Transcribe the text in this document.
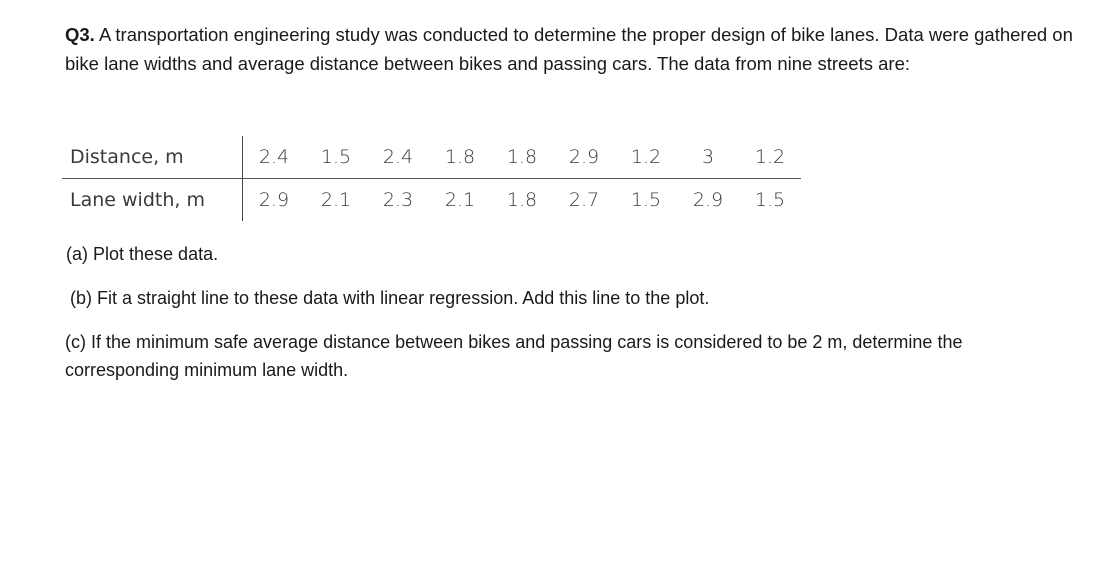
Q3. A transportation engineering study was conducted to determine the proper design of bike lanes. Data were gathered on bike lane widths and average distance between bikes and passing cars. The data from nine streets are:
Distance, m	2.4	1.5	2.4	1.8	1.8	2.9	1.2	3	1.2
Lane width, m	2.9	2.1	2.3	2.1	1.8	2.7	1.5	2.9	1.5

(a) Plot these data.

(b) Fit a straight line to these data with linear regression. Add this line to the plot.

(c) If the minimum safe average distance between bikes and passing cars is considered to be 2 m, determine the corresponding minimum lane width.
